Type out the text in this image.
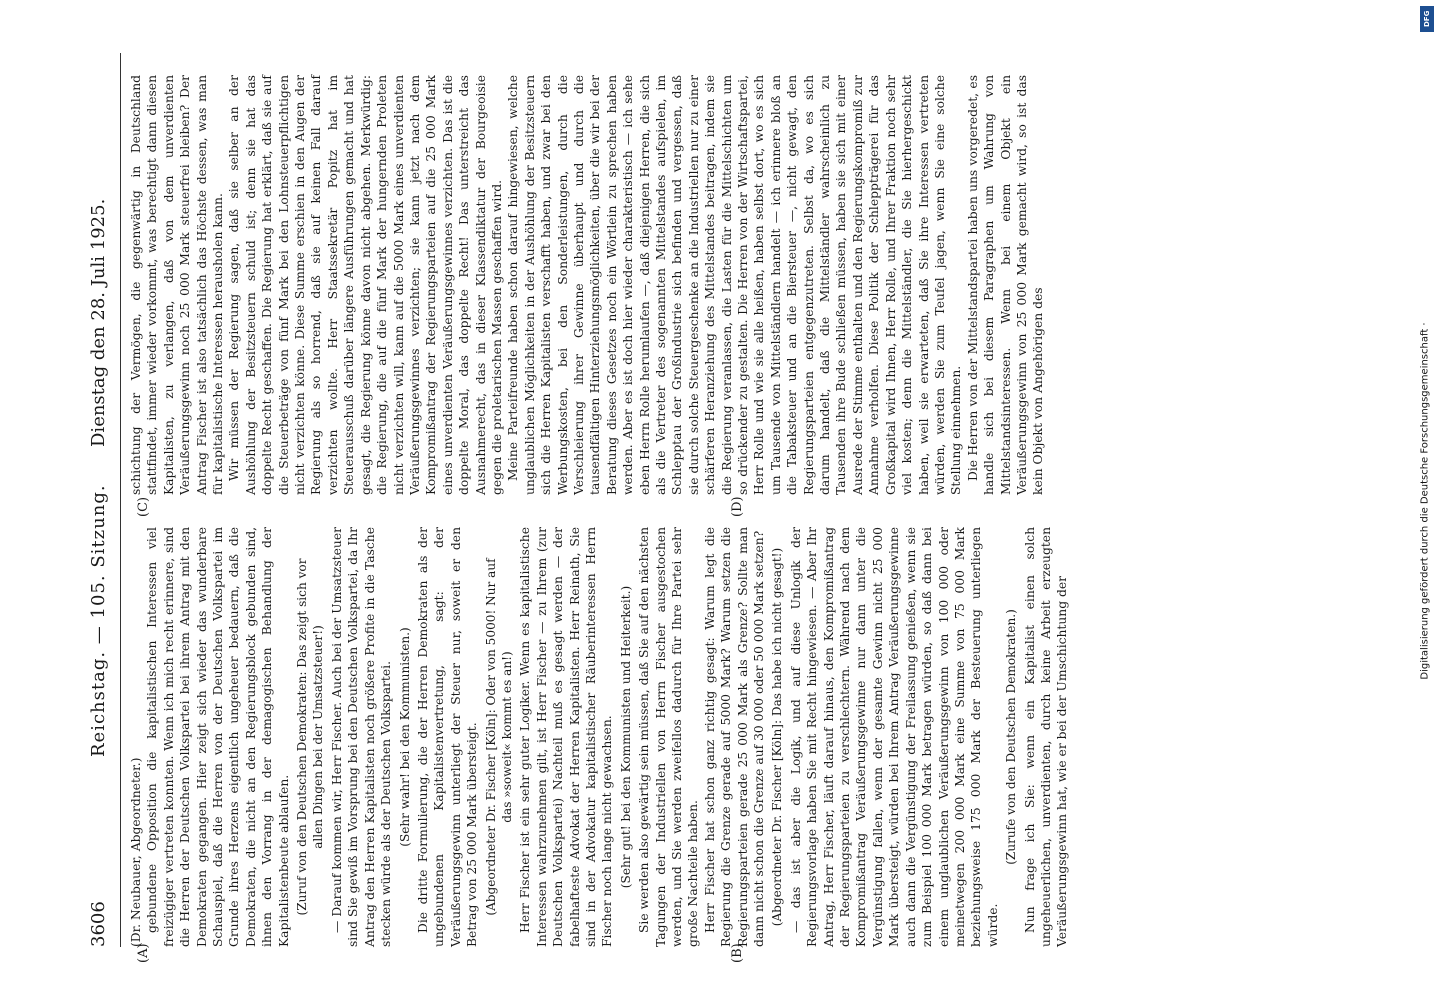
3606
Reichstag. — 105. Sitzung.
Dienstag den 28. Juli 1925.

(Dr. Neubauer, Abgeordneter.) gebundene Opposition die kapitalistischen Interessen viel freizügiger vertreten konnten. Wenn ich mich recht erinnere, sind die Herren der Deutschen Volkspartei bei ihrem Antrag mit den Demokraten gegangen. Hier zeigt sich wieder das wunderbare Schauspiel, daß die Herren von der Deutschen Volkspartei im Grunde ihres Herzens eigentlich ungeheuer bedauern, daß die Demokraten, die nicht an den Regierungsblock gebunden sind, ihnen den Vorrang in der demagogischen Behandlung der Kapitalistenbeute ablaufen. (Zuruf von den Deutschen Demokraten: Das zeigt sich vor allen Dingen bei der Umsatzsteuer!) — Darauf kommen wir, Herr Fischer. Auch bei der Umsatzsteuer sind Sie gewiß im Vorsprung bei den Deutschen Volkspartei, da Ihr Antrag den Herren Kapitalisten noch größere Profite in die Tasche stecken würde als der Deutschen Volkspartei. (Sehr wahr! bei den Kommunisten.) Die dritte Formulierung, die der Herren Demokraten als der ungebundenen Kapitalistenvertretung, sagt: der Veräußerungsgewinn unterliegt der Steuer nur, soweit er den Betrag von 25 000 Mark übersteigt. (Abgeordneter Dr. Fischer [Köln]: Oder von 5000! Nur auf das »soweit« kommt es an!) Herr Fischer ist ein sehr guter Logiker. Wenn es kapitalistische Interessen wahrzunehmen gilt, ist Herr Fischer — zu Ihrem (zur Deutschen Volkspartei) Nachteil muß es gesagt werden — der fabelhafteste Advokat der Herren Kapitalisten. Herr Reinath, Sie sind in der Advokatur kapitalistischer Räuberinteressen Herrn Fischer noch lange nicht gewachsen. (Sehr gut! bei den Kommunisten und Heiterkeit.) Sie werden also gewärtig sein müssen, daß Sie auf den nächsten Tagungen der Industriellen von Herrn Fischer ausgestochen werden, und Sie werden zweifellos dadurch für Ihre Partei sehr große Nachteile haben. Herr Fischer hat schon ganz richtig gesagt: Warum legt die Regierung die Grenze gerade auf 5000 Mark? Warum setzen die Regierungsparteien gerade 25 000 Mark als Grenze? Sollte man dann nicht schon die Grenze auf 30 000 oder 50 000 Mark setzen? (Abgeordneter Dr. Fischer [Köln]: Das habe ich nicht gesagt!) — das ist aber die Logik, und auf diese Unlogik der Regierungsvorlage haben Sie mit Recht hingewiesen. — Aber Ihr Antrag, Herr Fischer, läuft darauf hinaus, den Kompromißantrag der Regierungsparteien zu verschlechtern. Während nach dem Kompromißantrag Veräußerungsgewinne nur dann unter die Vergünstigung fallen, wenn der gesamte Gewinn nicht 25 000 Mark übersteigt, würden bei Ihrem Antrag Veräußerungsgewinne auch dann die Vergünstigung der Freilassung genießen, wenn sie zum Beispiel 100 000 Mark betragen würden, so daß dann bei einem unglaublichen Veräußerungsgewinn von 100 000 oder meinetwegen 200 000 Mark eine Summe von 75 000 Mark beziehungsweise 175 000 Mark der Besteuerung unterliegen würde.

(Zurufe von den Deutschen Demokraten.) Nun frage ich Sie: wenn ein Kapitalist einen solch ungeheuerlichen, unverdienten, durch keine Arbeit erzeugten Veräußerungsgewinn hat, wie er bei der Umschichtung der

schichtung der Vermögen, die gegenwärtig in Deutschland stattfindet, immer wieder vorkommt, was berechtigt dann diesen Kapitalisten, zu verlangen, daß von dem unverdienten Veräußerungsgewinn noch 25 000 Mark steuerfrei bleiben? Der Antrag Fischer ist also tatsächlich das Höchste dessen, was man für kapitalistische Interessen herausholen kann. Wir müssen der Regierung sagen, daß sie selber an der Aushöhlung der Besitzsteuern schuld ist; denn sie hat das doppelte Recht geschaffen. Die Regierung hat erklärt, daß sie auf die Steuerbeträge von fünf Mark bei den Lohnsteuerpflichtigen nicht verzichten könne. Diese Summe erschien in den Augen der Regierung als so horrend, daß sie auf keinen Fall darauf verzichten wollte. Herr Staatssekretär Popitz hat im Steuerausschuß darüber längere Ausführungen gemacht und hat gesagt, die Regierung könne davon nicht abgehen. Merkwürdig: die Regierung, die auf die fünf Mark der hungernden Proleten nicht verzichten will, kann auf die 5000 Mark eines unverdienten Veräußerungsgewinnes verzichten; sie kann jetzt nach dem Kompromißantrag der Regierungsparteien auf die 25 000 Mark eines unverdienten Veräußerungsgewinnes verzichten. Das ist die doppelte Moral, das doppelte Recht! Das unterstreicht das Ausnahmerecht, das in dieser Klassendiktatur der Bourgeoisie gegen die proletarischen Massen geschaffen wird. Meine Parteifreunde haben schon darauf hingewiesen, welche unglaublichen Möglichkeiten in der Aushöhlung der Besitzsteuern sich die Herren Kapitalisten verschafft haben, und zwar bei den Werbungskosten, bei den Sonderleistungen, durch die Verschleierung ihrer Gewinne überhaupt und durch die tausendfältigen Hinterziehungsmöglichkeiten, über die wir bei der Beratung dieses Gesetzes noch ein Wörtlein zu sprechen haben werden. Aber es ist doch hier wieder charakteristisch — ich sehe eben Herrn Rolle herumlaufen —, daß diejenigen Herren, die sich als die Vertreter des sogenannten Mittelstandes aufspielen, im Schlepptau der Großindustrie sich befinden und vergessen, daß sie durch solche Steuergeschenke an die Industriellen nur zu einer schärferen Heranziehung des Mittelstandes beitragen, indem sie die Regierung veranlassen, die Lasten für die Mittelschichten um so drückender zu gestalten. Die Herren von der Wirtschaftspartei, Herr Rolle und wie sie alle heißen, haben selbst dort, wo es sich um Tausende von Mittelständlern handelt — ich erinnere bloß an die Tabaksteuer und an die Biersteuer —, nicht gewagt, den Regierungsparteien entgegenzutreten. Selbst da, wo es sich darum handelt, daß die Mittelständler wahrscheinlich zu Tausenden ihre Bude schließen müssen, haben sie sich mit einer Ausrede der Stimme enthalten und den Regierungskompromiß zur Annahme verholfen. Diese Politik der Schleppträgerei für das Großkapital wird Ihnen, Herr Rolle, und Ihrer Fraktion noch sehr viel kosten; denn die Mittelständler, die Sie hierhergeschickt haben, weil sie erwarteten, daß Sie ihre Interessen vertreten würden, werden Sie zum Teufel jagen, wenn Sie eine solche Stellung einnehmen. Die Herren von der Mittelstandspartei haben uns vorgeredet, es handle sich bei diesem Paragraphen um Wahrung von Mittelstandsinteressen. Wenn bei einem Objekt ein Veräußerungsgewinn von 25 000 Mark gemacht wird, so ist das kein Objekt von Angehörigen des

(A)	(B)
(C)	(D)	Digitalisierung gefördert durch die Deutsche Forschungsgemeinschaft ·
DFG
